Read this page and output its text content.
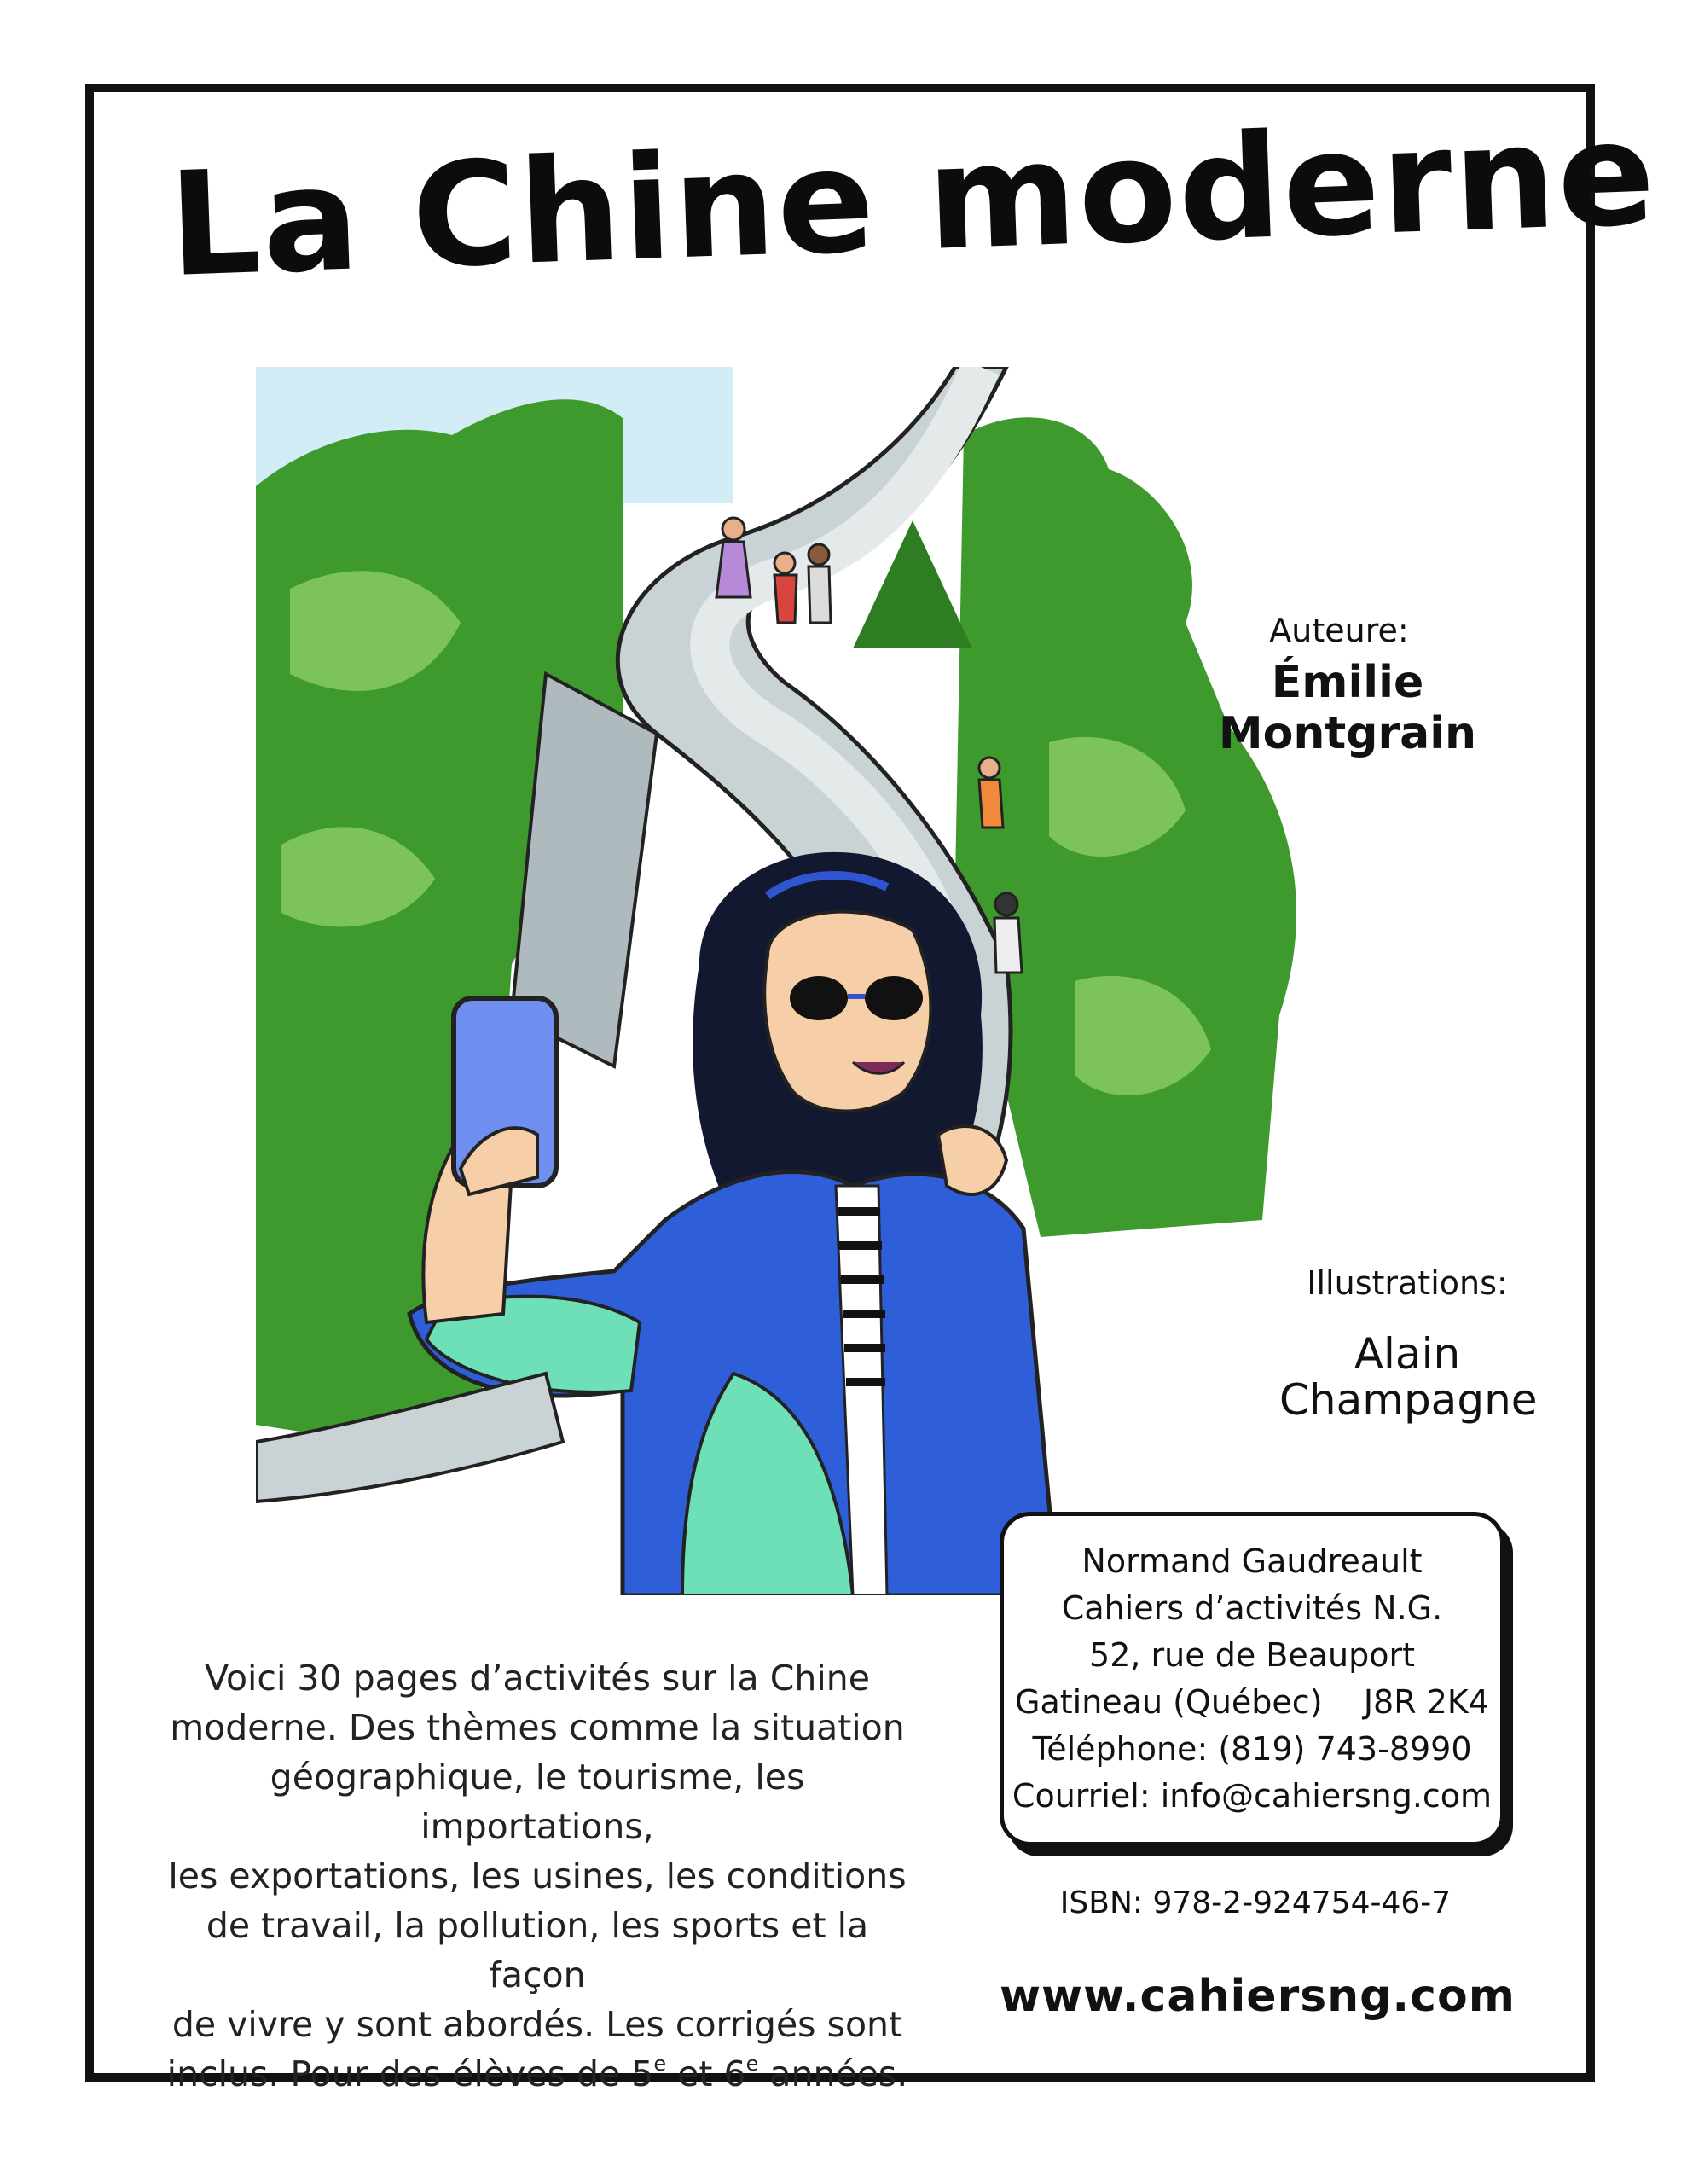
La Chine moderne
Auteure:
Émilie Montgrain
Illustrations:
Alain
Champagne
Normand Gaudreault
Cahiers d’activités N.G.
52, rue de Beauport
Gatineau (Québec)    J8R 2K4
Téléphone: (819) 743-8990
Courriel: info@cahiersng.com
Voici 30 pages d’activités sur la Chine
moderne. Des thèmes comme la situation
géographique, le tourisme, les importations,
les exportations, les usines, les conditions
de travail, la pollution, les sports et la façon
de vivre y sont abordés. Les corrigés sont
inclus. Pour des élèves de 5e et 6e années.
ISBN: 978-2-924754-46-7
www.cahiersng.com
